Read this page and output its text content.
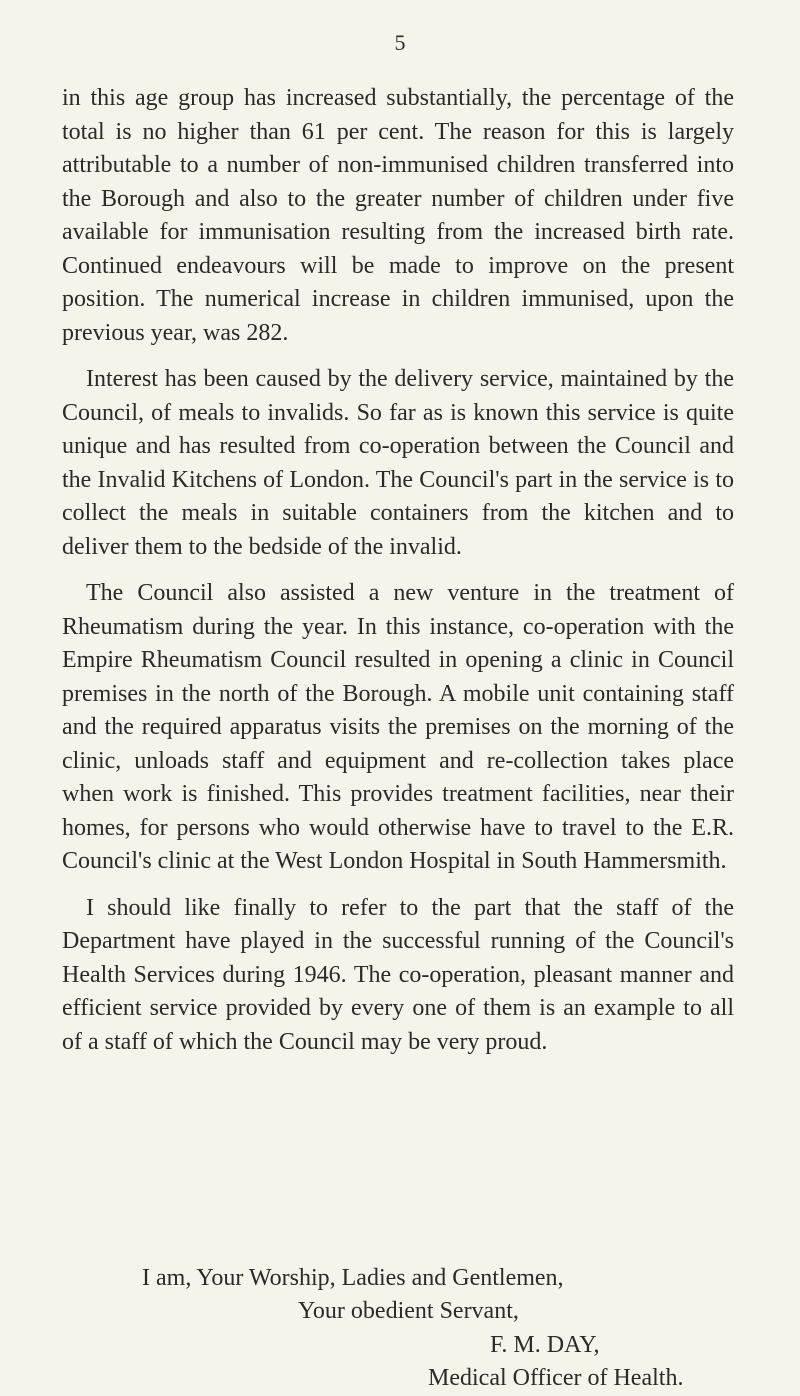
5

in this age group has increased substantially, the percentage of the total is no higher than 61 per cent. The reason for this is largely attributable to a number of non-immunised children transferred into the Borough and also to the greater number of children under five available for immunisation resulting from the increased birth rate. Continued endeavours will be made to improve on the present position. The numerical increase in children immunised, upon the previous year, was 282.

Interest has been caused by the delivery service, maintained by the Council, of meals to invalids. So far as is known this service is quite unique and has resulted from co-operation between the Council and the Invalid Kitchens of London. The Council's part in the service is to collect the meals in suitable containers from the kitchen and to deliver them to the bedside of the invalid.

The Council also assisted a new venture in the treatment of Rheumatism during the year. In this instance, co-operation with the Empire Rheumatism Council resulted in opening a clinic in Council premises in the north of the Borough. A mobile unit containing staff and the required apparatus visits the premises on the morning of the clinic, unloads staff and equipment and re-collection takes place when work is finished. This provides treatment facilities, near their homes, for persons who would otherwise have to travel to the E.R. Council's clinic at the West London Hospital in South Hammersmith.

I should like finally to refer to the part that the staff of the Department have played in the successful running of the Council's Health Services during 1946. The co-operation, pleasant manner and efficient service provided by every one of them is an example to all of a staff of which the Council may be very proud.

I am, Your Worship, Ladies and Gentlemen,
Your obedient Servant,
F. M. DAY,
Medical Officer of Health.
